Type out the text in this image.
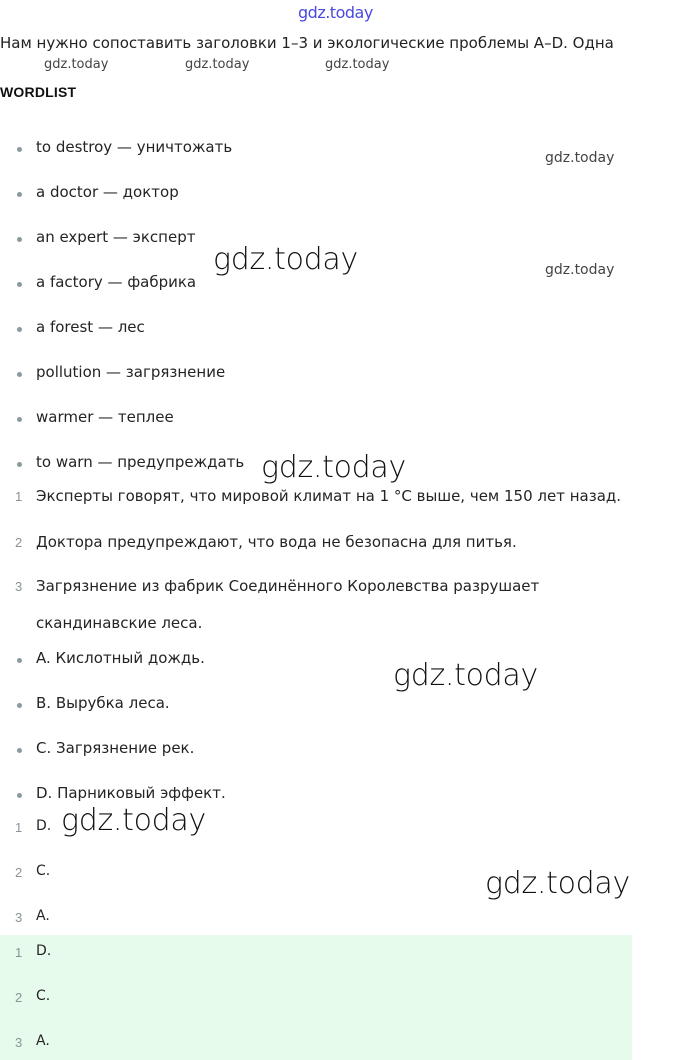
gdz.today
Нам нужно сопоставить заголовки 1–3 и экологические проблемы A–D. Одна
gdz.today	gdz.today	gdz.today
gdz.today
gdz.today
WORDLIST
to destroy — уничтожать
a doctor — доктор
an expert — эксперт
a factory — фабрика
a forest — лес
pollution — загрязнение
warmer — теплее
to warn — предупреждать
1 Эксперты говорят, что мировой климат на 1 °C выше, чем 150 лет назад.
2 Доктора предупреждают, что вода не безопасна для питья.
3 Загрязнение из фабрик Соединённого Королевства разрушает
скандинавские леса.
A. Кислотный дождь.
B. Вырубка леса.
C. Загрязнение рек.
D. Парниковый эффект.
1 D.
2 C.
3 A.
1 D.
2 C.
3 A.
gdz.today
gdz.today
gdz.today
gdz.today
gdz.today
